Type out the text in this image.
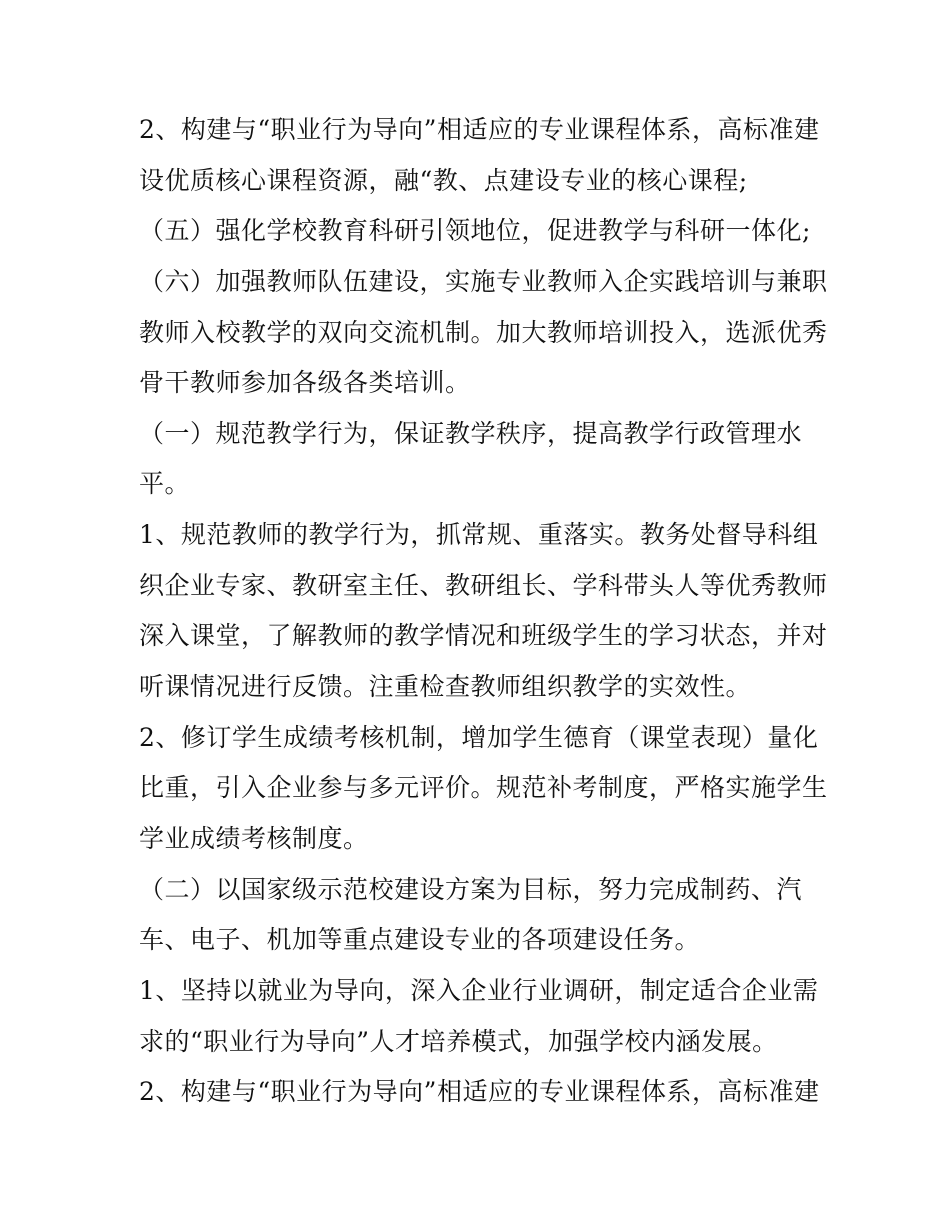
2、构建与“职业行为导向”相适应的专业课程体系，高标准建
设优质核心课程资源，融“教、点建设专业的核心课程;
（五）强化学校教育科研引领地位，促进教学与科研一体化;
（六）加强教师队伍建设，实施专业教师入企实践培训与兼职
教师入校教学的双向交流机制。加大教师培训投入，选派优秀
骨干教师参加各级各类培训。
（一）规范教学行为，保证教学秩序，提高教学行政管理水
平。
1、规范教师的教学行为，抓常规、重落实。教务处督导科组
织企业专家、教研室主任、教研组长、学科带头人等优秀教师
深入课堂，了解教师的教学情况和班级学生的学习状态，并对
听课情况进行反馈。注重检查教师组织教学的实效性。
2、修订学生成绩考核机制，增加学生德育（课堂表现）量化
比重，引入企业参与多元评价。规范补考制度，严格实施学生
学业成绩考核制度。
（二）以国家级示范校建设方案为目标，努力完成制药、汽
车、电子、机加等重点建设专业的各项建设任务。
1、坚持以就业为导向，深入企业行业调研，制定适合企业需
求的“职业行为导向”人才培养模式，加强学校内涵发展。
2、构建与“职业行为导向”相适应的专业课程体系，高标准建
